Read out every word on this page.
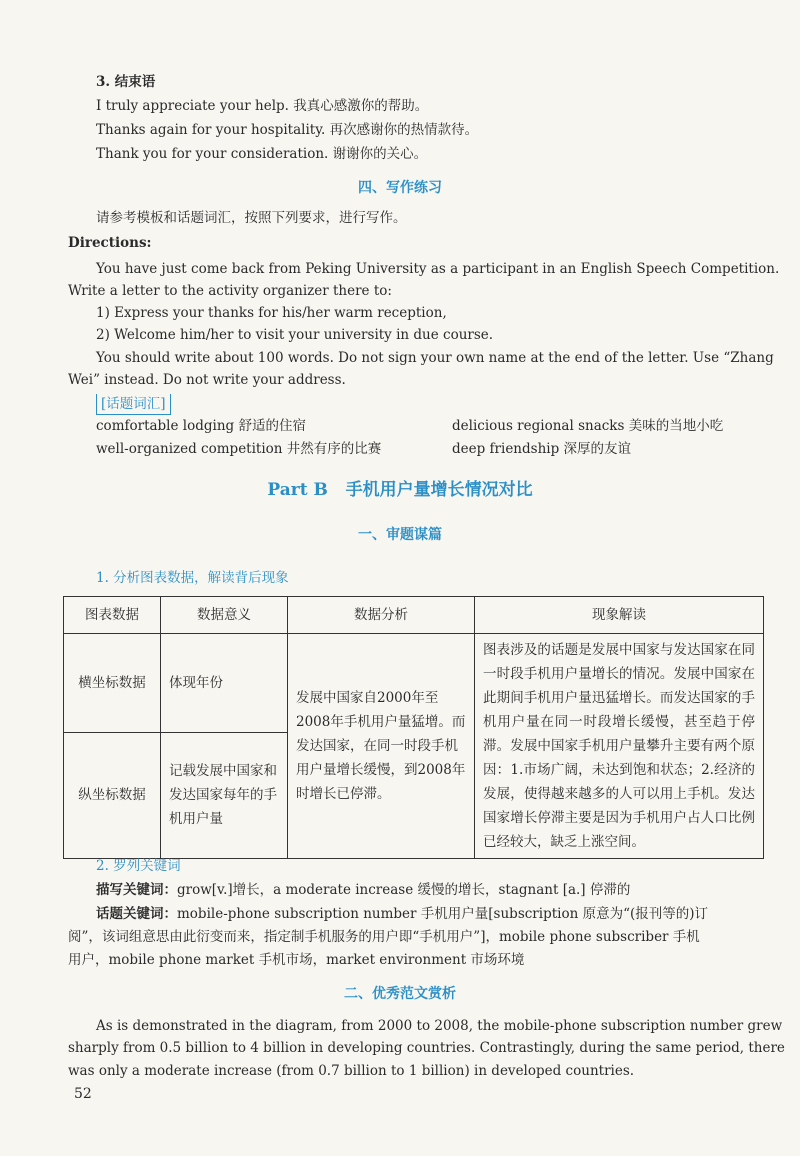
3. 结束语
I truly appreciate your help. 我真心感激你的帮助。
Thanks again for your hospitality. 再次感谢你的热情款待。
Thank you for your consideration. 谢谢你的关心。
四、写作练习
请参考模板和话题词汇，按照下列要求，进行写作。
Directions:
You have just come back from Peking University as a participant in an English Speech Competition.
Write a letter to the activity organizer there to:
1) Express your thanks for his/her warm reception,
2) Welcome him/her to visit your university in due course.
You should write about 100 words. Do not sign your own name at the end of the letter. Use “Zhang
Wei” instead. Do not write your address.
[话题词汇]
comfortable lodging 舒适的住宿	delicious regional snacks 美味的当地小吃
well-organized competition 井然有序的比赛	deep friendship 深厚的友谊
Part B 手机用户量增长情况对比
一、审题谋篇
1. 分析图表数据，解读背后现象
图表数据	数据意义	数据分析	现象解读
横坐标数据	体现年份	发展中国家自2000年至2008年手机用户量猛增。而发达国家，在同一时段手机用户量增长缓慢，到2008年时增长已停滞。	图表涉及的话题是发展中国家与发达国家在同一时段手机用户量增长的情况。发展中国家在此期间手机用户量迅猛增长。而发达国家的手机用户量在同一时段增长缓慢，甚至趋于停滞。发展中国家手机用户量攀升主要有两个原因：1.市场广阔，未达到饱和状态；2.经济的发展，使得越来越多的人可以用上手机。发达国家增长停滞主要是因为手机用户占人口比例已经较大，缺乏上涨空间。
纵坐标数据	记载发展中国家和发达国家每年的手机用户量		
2. 罗列关键词
描写关键词：grow[v.]增长，a moderate increase 缓慢的增长，stagnant [a.] 停滞的
话题关键词：mobile-phone subscription number 手机用户量[subscription 原意为“(报刊等的)订
阅”，该词组意思由此衍变而来，指定制手机服务的用户即“手机用户”]，mobile phone subscriber 手机
用户，mobile phone market 手机市场，market environment 市场环境
二、优秀范文赏析
As is demonstrated in the diagram, from 2000 to 2008, the mobile-phone subscription number grew
sharply from 0.5 billion to 4 billion in developing countries. Contrastingly, during the same period, there
was only a moderate increase (from 0.7 billion to 1 billion) in developed countries.
52
